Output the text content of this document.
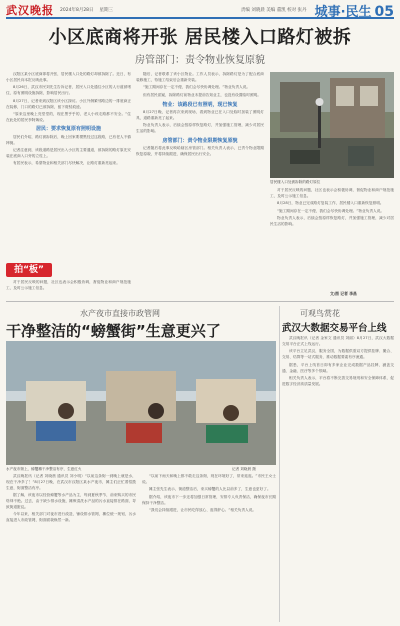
武汉晚报 2024年8月28日 星期三	责编 刘晓晨 美编 董凯 校对 张丹 城事·民生 05
小区底商将开张 居民楼入口路灯被拆
房管部门：责令物业恢复原貌

汉阳区某小区底商即将开张，居民楼入口处的路灯却被拆除了。近日，有小区居民向本报反映此事。

8月26日，武汉市民刘先生告诉记者，居民入口处通往小区的人行道被堵住，原有照明设施拆除，影响居民出行。

8月27日，记者来到汉阳区该小区探访。小区外侧紧邻路边的一排底商正在装修，门口的路灯已被拆除，留下斑驳痕迹。

“原来这里晚上亮堂堂的，现在黑乎乎的，老人小孩走路都不安全。”住在此处的居民李阿姨说。

居民：要求恢复原有照明设施

居民们介绍，路灯被拆除后，晚上回家要摸黑经过这段路，已有老人不慎摔倒。

记者注意到，该段道路是居民出入小区的主要通道，被拆除的路灯原先安装在底商入口旁的立柱上。

有居民表示，希望物业和相关部门尽快解决，让路灯重新亮起来。

拍“板”

对于居民反映的问题，社区也表示会积极协调，督促物业和商户规范施工，及时公示施工信息。

随后，记者联系了该小区物业。工作人员表示，拆除路灯是为了配合底商装修施工，待施工结束后会重新安装。

“施工期间存在一定不便，我们会尽快协调处理。”物业负责人说。

但有居民质疑，拆除路灯前物业未提前告知业主，也没有设置临时照明。

物业：该路段已有照明，现已恢复

8月27日晚，记者再次来到现场，看到物业已在入口处临时加装了照明灯具，道路重新亮了起来。

物业负责人表示，后续会按原样恢复路灯，并加强施工管理，减少对居民生活的影响。

房管部门：责令物业限期恢复原貌

记者随后将此事反映给辖区房管部门。相关负责人表示，已责令物业限期恢复原貌，并将持续跟进，确保居民出行安全。

居民楼入口处被拆除的路灯原位

对于居民反映的问题，社区也表示会积极协调，督促物业和商户规范施工，及时公示施工信息。

8月28日，物业已完成路灯复装工作，居民楼入口重新恢复照明。

“施工期间存在一定不便，我们会尽快协调处理。”物业负责人说。

物业负责人表示，后续会按原样恢复路灯，并加强施工管理，减少对居民生活的影响。

文/图 记者 李昌
水产夜市直接市政管网
干净整洁的“螃蟹街”生意更兴了
水产夜市街上，螃蟹摊干净整洁有序，生意红火	记者 刘晓晨 摄

武汉晚报讯（记者 刘晓晨 通讯员 刘小明）“以前这条街一到晚上就是水，现在干净多了！”8月27日晚，在武汉市汉阳区某水产夜市，摊主们正忙着招揽生意，街面整洁有序。

据了解，该夜市以经营螃蟹等水产品为主，每到夏秋季节，前来购买的市民络绎不绝。过去，由于缺少排水设施，摊贩清洗水产品的污水直接排在路面，导致街道脏乱。

今年以来，相关部门对夜市进行改造，铺设排水管网，摊位统一规划，污水直接进入市政管网，街面面貌焕然一新。

“以前下雨天和晚上都不敢走这条街，现在环境好了，常来逛逛。”市民王女士说。

摊主张先生表示，街道整洁后，来买螃蟹的人比以前多了，生意也更好了。

据介绍，该夜市下一步还将加强日常管理，安排专人负责保洁，确保夜市长期保持干净整洁。

“我们会持续跟进，让市民吃得放心、逛得舒心。”相关负责人说。

可观鸟赏花
武汉大数据交易平台上线

武汉晚报讯（记者 金家文 通讯员 刘丽）8月27日，武汉大数据交易平台正式上线运行。

该平台立足武汉，服务全国，为数据供需双方提供挂牌、撮合、交易、结算等一站式服务，推动数据要素有序流通。

据悉，平台上线首日即有多家企业完成数据产品挂牌，涵盖交通、金融、医疗等多个领域。

相关负责人表示，平台将不断完善交易规则和安全保障体系，促进数字经济高质量发展。
